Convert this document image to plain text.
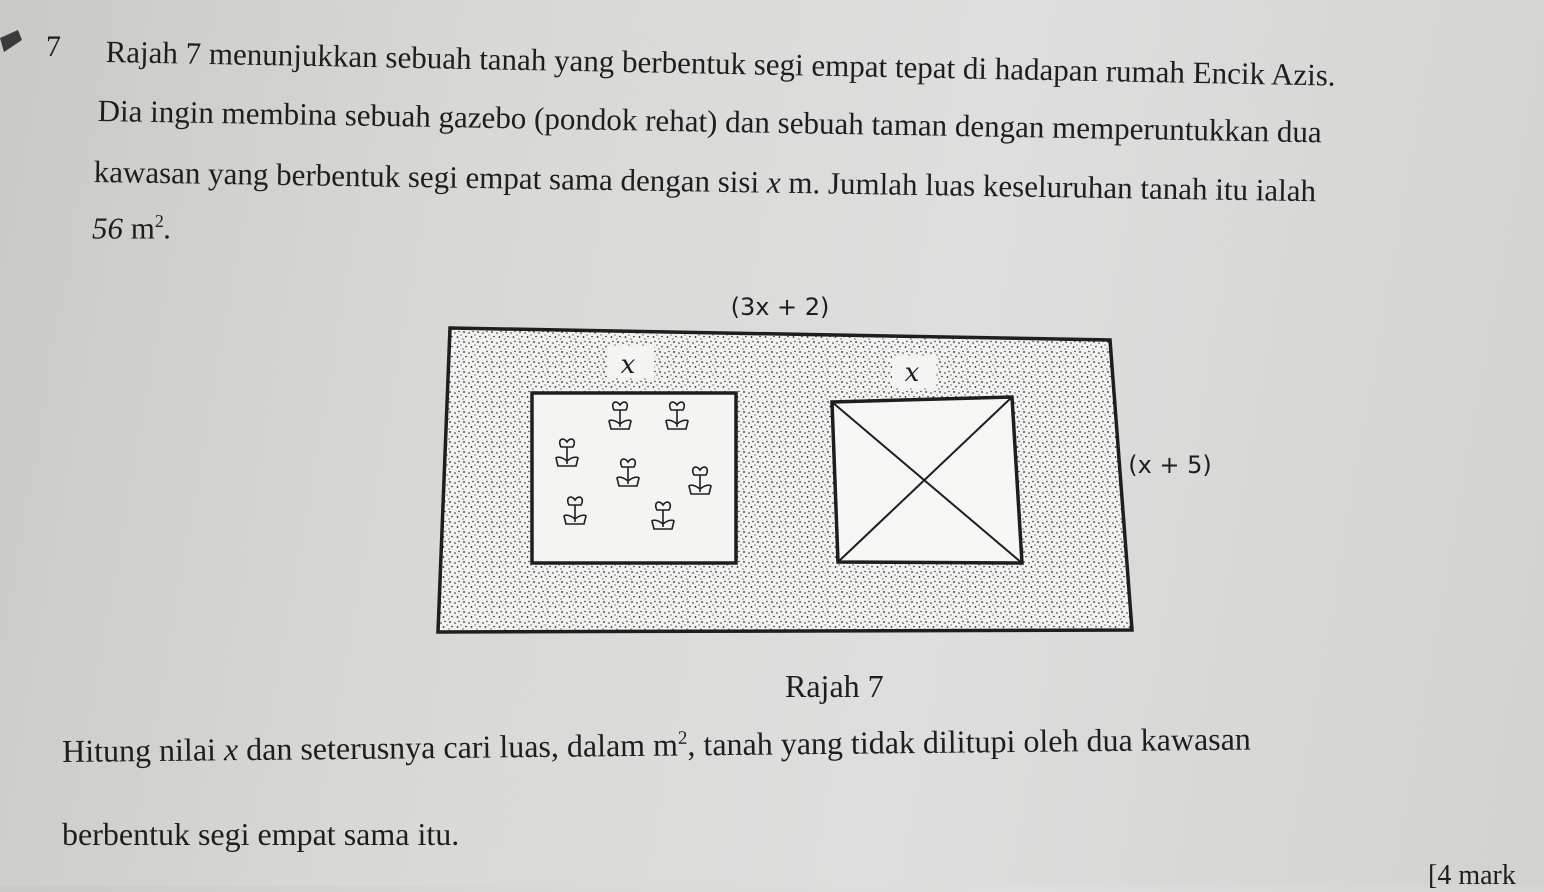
7 Rajah 7 menunjukkan sebuah tanah yang berbentuk segi empat tepat di hadapan rumah Encik Azis.
Dia ingin membina sebuah gazebo (pondok rehat) dan sebuah taman dengan memperuntukkan dua
kawasan yang berbentuk segi empat sama dengan sisi x m. Jumlah luas keseluruhan tanah itu ialah
56 $m^2$.
(3x + 2)
x	x
(x + 5)
Rajah 7
Hitung nilai x dan seterusnya cari luas, dalam $m^2$, tanah yang tidak dilitupi oleh dua kawasan
berbentuk segi empat sama itu.
[4 mark
